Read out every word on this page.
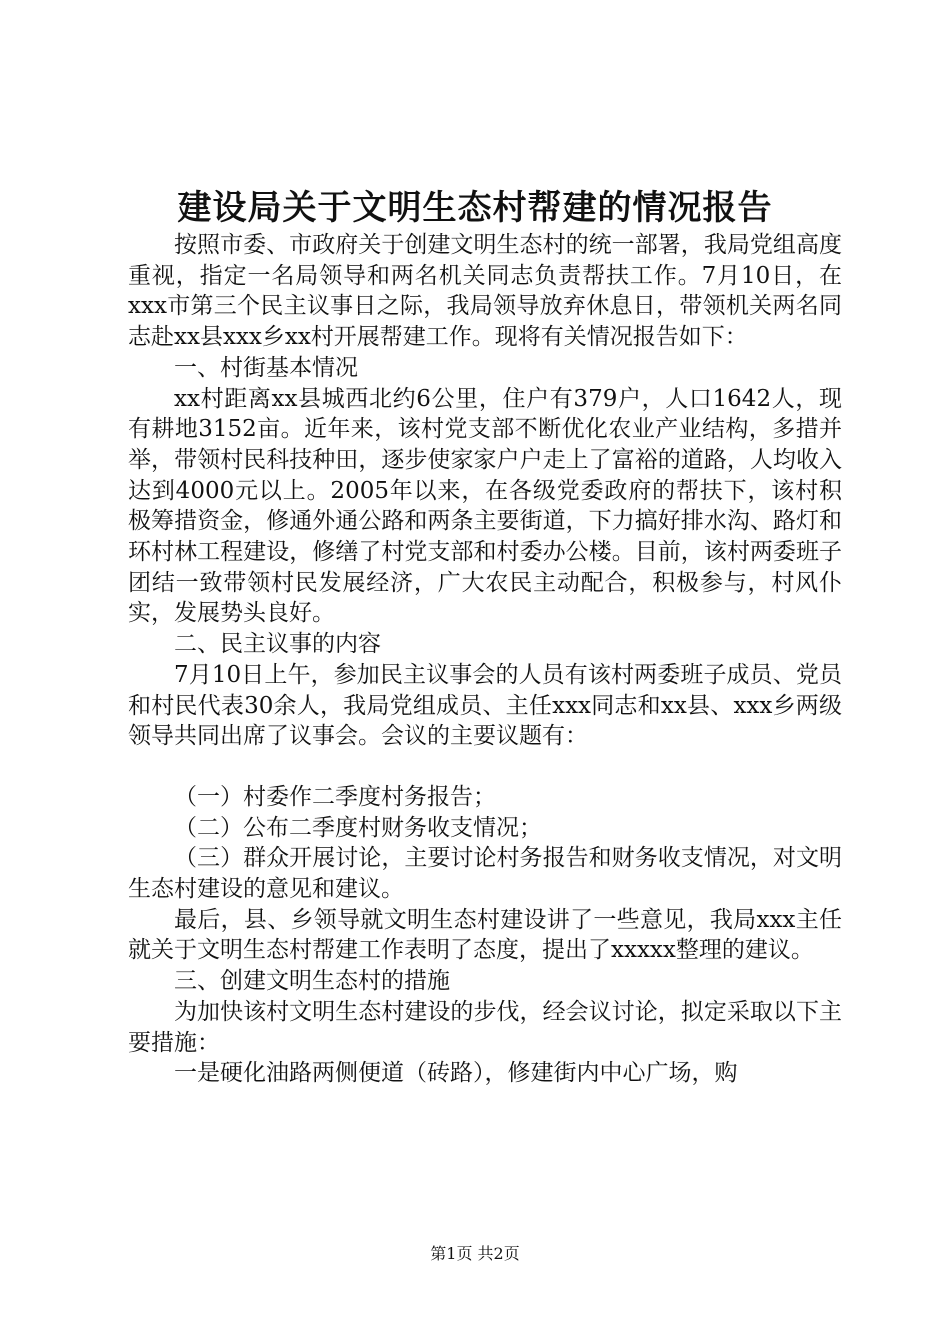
建设局关于文明生态村帮建的情况报告

按照市委、市政府关于创建文明生态村的统一部署，我局党组高度重视，指定一名局领导和两名机关同志负责帮扶工作。7月10日，在xxx市第三个民主议事日之际，我局领导放弃休息日，带领机关两名同志赴xx县xxx乡xx村开展帮建工作。现将有关情况报告如下：

一、村街基本情况

xx村距离xx县城西北约6公里，住户有379户，人口1642人，现有耕地3152亩。近年来，该村党支部不断优化农业产业结构，多措并举，带领村民科技种田，逐步使家家户户走上了富裕的道路，人均收入达到4000元以上。2005年以来，在各级党委政府的帮扶下，该村积极筹措资金，修通外通公路和两条主要街道，下力搞好排水沟、路灯和环村林工程建设，修缮了村党支部和村委办公楼。目前，该村两委班子团结一致带领村民发展经济，广大农民主动配合，积极参与，村风仆实，发展势头良好。

二、民主议事的内容

7月10日上午，参加民主议事会的人员有该村两委班子成员、党员和村民代表30余人，我局党组成员、主任xxx同志和xx县、xxx乡两级领导共同出席了议事会。会议的主要议题有：

（一）村委作二季度村务报告；

（二）公布二季度村财务收支情况；

（三）群众开展讨论，主要讨论村务报告和财务收支情况，对文明生态村建设的意见和建议。

最后，县、乡领导就文明生态村建设讲了一些意见，我局xxx主任就关于文明生态村帮建工作表明了态度，提出了xxxxx整理的建议。

三、创建文明生态村的措施

为加快该村文明生态村建设的步伐，经会议讨论，拟定采取以下主要措施：

一是硬化油路两侧便道（砖路），修建街内中心广场，购

第1页 共2页
